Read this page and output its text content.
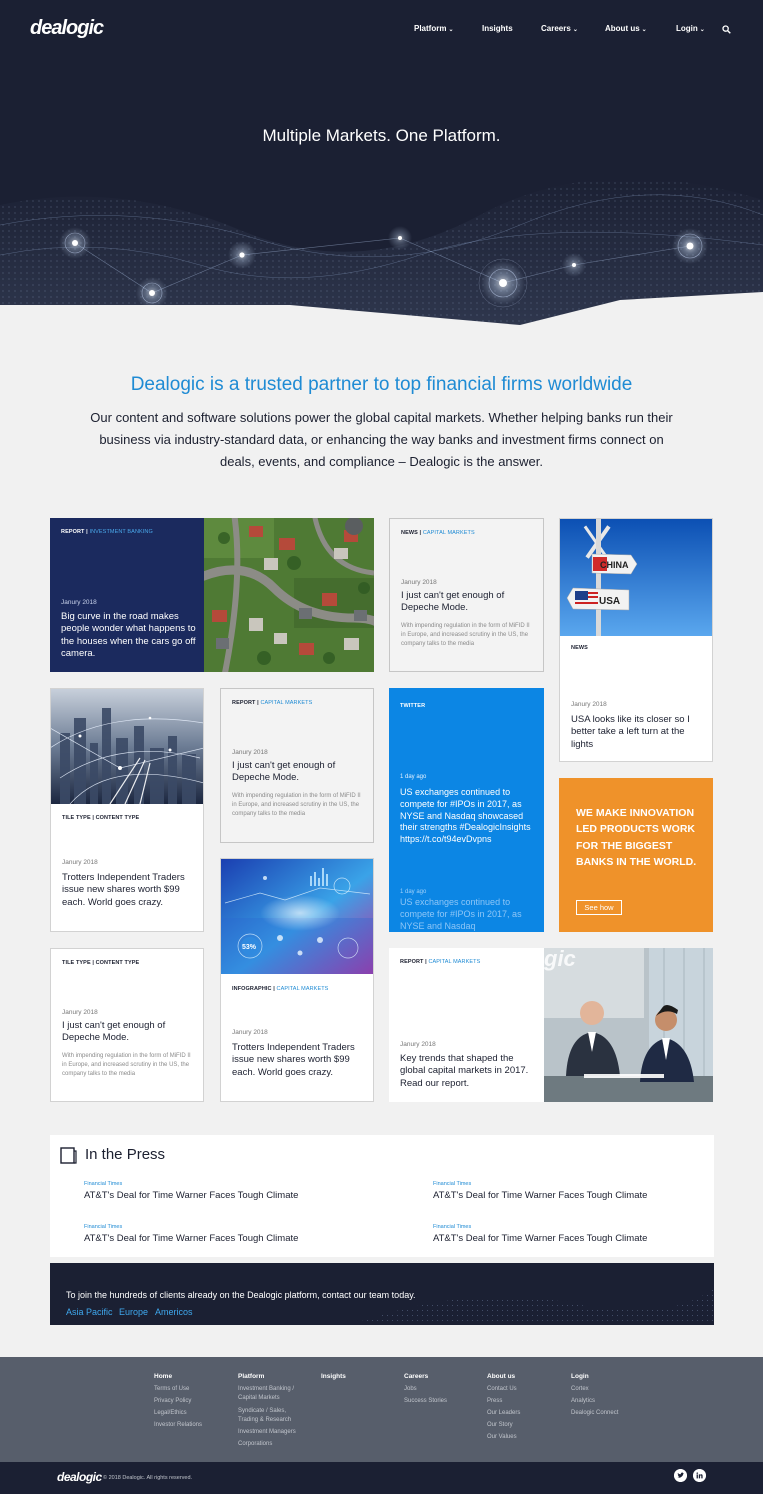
dealogic	Platform ⌄	Insights	Careers ⌄	About us ⌄	Login ⌄
Multiple Markets. One Platform.
Dealogic is a trusted partner to top financial firms worldwide
Our content and software solutions power the global capital markets. Whether helping banks run their business via industry-standard data, or enhancing the way banks and investment firms connect on deals, events, and compliance – Dealogic is the answer.
REPORT | INVESTMENT BANKING
Janury 2018
Big curve in the road makes people wonder what happens to the houses when the cars go off camera.
NEWS | CAPITAL MARKETS
Janury 2018
I just can't get enough of Depeche Mode.
With impending regulation in the form of MiFID II in Europe, and increased scrutiny in the US, the company talks to the media
CHINA
USA
NEWS
Janury 2018
USA looks like its closer so I better take a left turn at the lights
TILE TYPE | CONTENT TYPE
Janury 2018
Trotters Independent Traders issue new shares worth $99 each. World goes crazy.
REPORT | CAPITAL MARKETS
Janury 2018
I just can't get enough of Depeche Mode.
With impending regulation in the form of MiFID II in Europe, and increased scrutiny in the US, the company talks to the media
TWITTER
1 day ago
US exchanges continued to compete for #IPOs in 2017, as NYSE and Nasdaq showcased their strengths #DealogicInsights https://t.co/t94evDvpns
1 day ago
US exchanges continued to compete for #IPOs in 2017, as NYSE and Nasdaq
WE MAKE INNOVATION LED PRODUCTS WORK FOR THE BIGGEST BANKS IN THE WORLD.
See how
53%
INFOGRAPHIC | CAPITAL MARKETS
Janury 2018
Trotters Independent Traders issue new shares worth $99 each. World goes crazy.
TILE TYPE | CONTENT TYPE
Janury 2018
I just can't get enough of Depeche Mode.
With impending regulation in the form of MiFID II in Europe, and increased scrutiny in the US, the company talks to the media
REPORT | CAPITAL MARKETS
Janury 2018
Key trends that shaped the global capital markets in 2017. Read our report.
gic
In the Press
Financial Times
AT&T's Deal for Time Warner Faces Tough Climate
Financial Times
AT&T's Deal for Time Warner Faces Tough Climate
Financial Times
AT&T's Deal for Time Warner Faces Tough Climate
Financial Times
AT&T's Deal for Time Warner Faces Tough Climate
To join the hundreds of clients already on the Dealogic platform, contact our team today.
Asia Pacific Europe Americos
Home
Terms of Use
Privacy Policy
Legal/Ethics
Investor Relations
Platform
Investment Banking /
Capital Markets
Syndicate / Sales,
Trading & Research
Investment Managers
Corporations
Insights	Careers
Jobs
Success Stories
About us
Contact Us
Press
Our Leaders
Our Story
Our Values
Login
Cortex
Analytics
Dealogic Connect
dealogic © 2018 Dealogic. All rights reserved.
